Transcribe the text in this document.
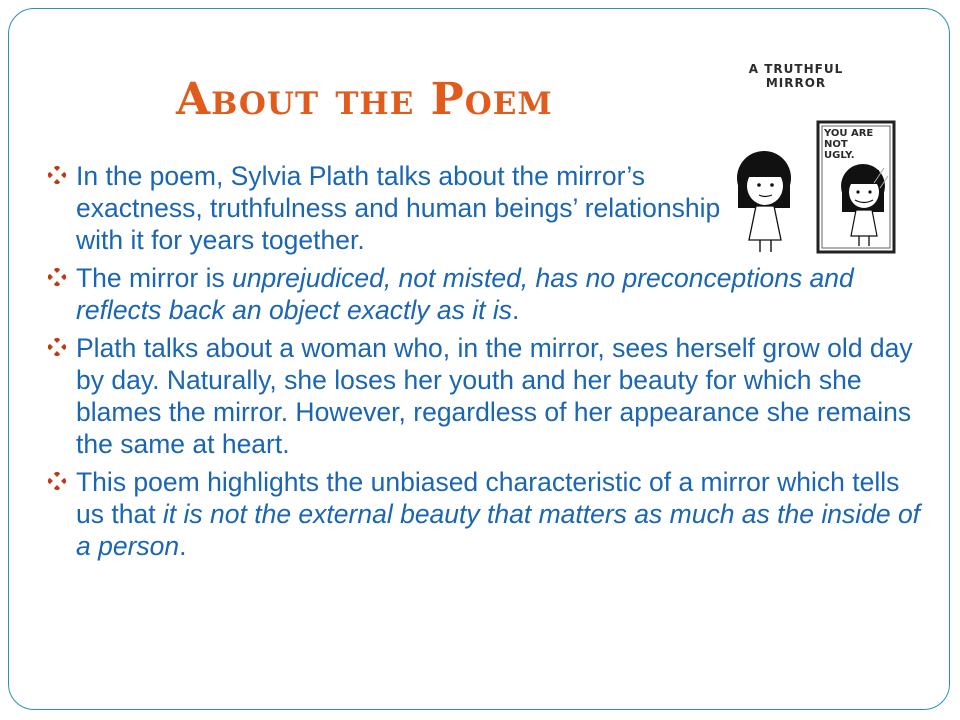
About the Poem
A TRUTHFUL MIRROR
YOU ARE NOT UGLY.
In the poem, Sylvia Plath talks about the mirror’s exactness, truthfulness and human beings’ relationship with it for years together.
The mirror is unprejudiced, not misted, has no preconceptions and reflects back an object exactly as it is.
Plath talks about a woman who, in the mirror, sees herself grow old day by day. Naturally, she loses her youth and her beauty for which she blames the mirror. However, regardless of her appearance she remains the same at heart.
This poem highlights the unbiased characteristic of a mirror which tells us that it is not the external beauty that matters as much as the inside of a person.
